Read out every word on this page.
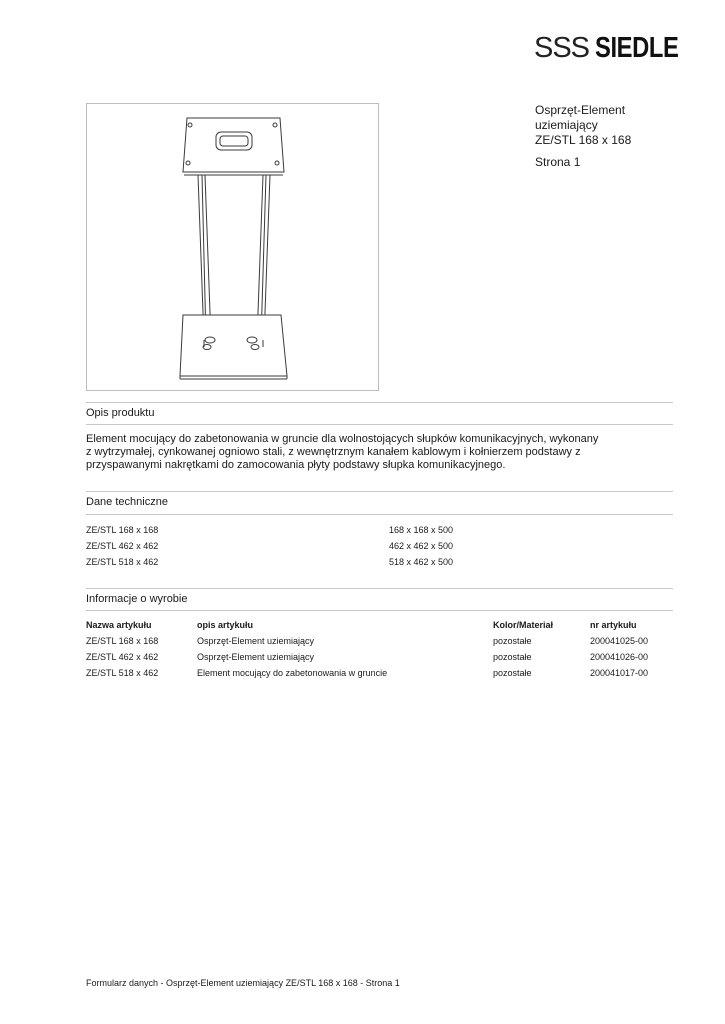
SSS SIEDLE
Osprzęt-Element
uziemiający
ZE/STL 168 x 168
Strona 1
Opis produktu
Element mocujący do zabetonowania w gruncie dla wolnostojących słupków komunikacyjnych, wykonany
z wytrzymałej, cynkowanej ogniowo stali, z wewnętrznym kanałem kablowym i kołnierzem podstawy z
przyspawanymi nakrętkami do zamocowania płyty podstawy słupka komunikacyjnego.
Dane techniczne
ZE/STL 168 x 168	168 x 168 x 500
ZE/STL 462 x 462	462 x 462 x 500
ZE/STL 518 x 462	518 x 462 x 500
Informacje o wyrobie
Nazwa artykułu	opis artykułu	Kolor/Materiał	nr artykułu
ZE/STL 168 x 168	Osprzęt-Element uziemiający	pozostałe	200041025-00
ZE/STL 462 x 462	Osprzęt-Element uziemiający	pozostałe	200041026-00
ZE/STL 518 x 462	Element mocujący do zabetonowania w gruncie	pozostałe	200041017-00
Formularz danych - Osprzęt-Element uziemiający ZE/STL 168 x 168 - Strona 1
